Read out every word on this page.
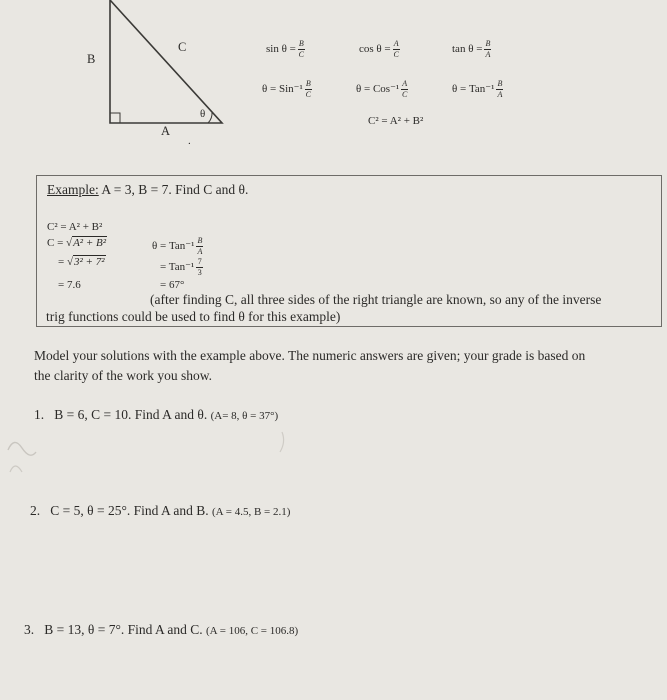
B
C
A
θ
.
$\sin \theta = \frac{B}{C}$	$\cos \theta = \frac{A}{C}$	$\tan \theta = \frac{B}{A}$
$\theta = Sin^{-1} \frac{B}{C}$	$\theta = Cos^{-1} \frac{A}{C}$	$\theta = Tan^{-1} \frac{B}{A}$
C² = A² + B²
Example: A = 3, B = 7. Find C and θ.
C² = A² + B²
C = √A² + B²
= √3² + 7²
= 7.6
$\theta = Tan^{-1} \frac{B}{A}$
= $Tan^{-1} \frac{7}{3}$
= 67°
(after finding C, all three sides of the right triangle are known, so any of the inverse
trig functions could be used to find θ for this example)
Model your solutions with the example above. The numeric answers are given; your grade is based on
the clarity of the work you show.
1. B = 6, C = 10. Find A and θ. (A= 8, θ = 37°)
2. C = 5, θ = 25°. Find A and B. (A = 4.5, B = 2.1)
3. B = 13, θ = 7°. Find A and C. (A = 106, C = 106.8)
